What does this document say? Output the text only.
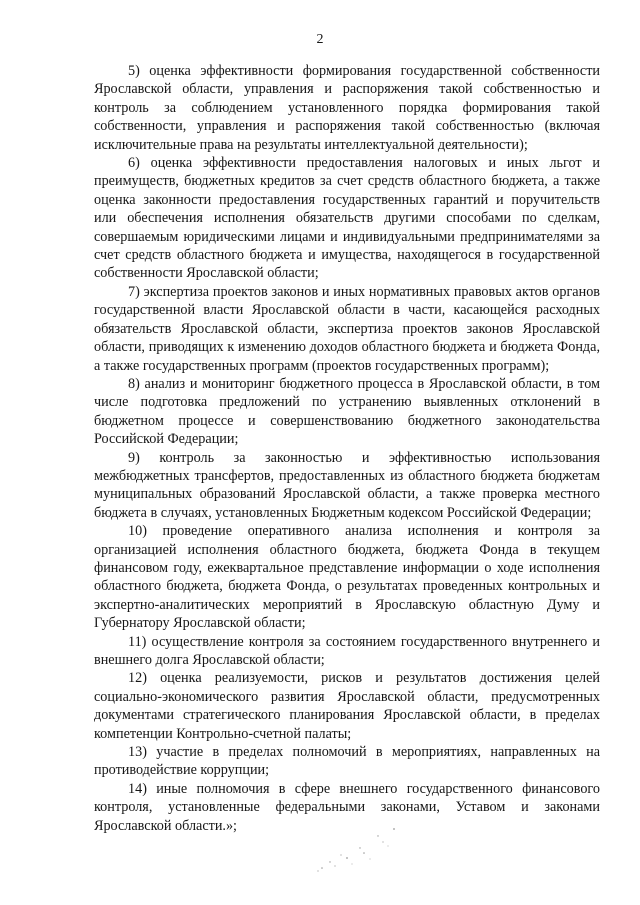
2

5) оценка эффективности формирования государственной собственности Ярославской области, управления и распоряжения такой собственностью и контроль за соблюдением установленного порядка формирования такой собственности, управления и распоряжения такой собственностью (включая исключительные права на результаты интеллектуальной деятельности);

6) оценка эффективности предоставления налоговых и иных льгот и преимуществ, бюджетных кредитов за счет средств областного бюджета, а также оценка законности предоставления государственных гарантий и поручительств или обеспечения исполнения обязательств другими способами по сделкам, совершаемым юридическими лицами и индивидуальными предпринимателями за счет средств областного бюджета и имущества, находящегося в государственной собственности Ярославской области;

7) экспертиза проектов законов и иных нормативных правовых актов органов государственной власти Ярославской области в части, касающейся расходных обязательств Ярославской области, экспертиза проектов законов Ярославской области, приводящих к изменению доходов областного бюджета и бюджета Фонда, а также государственных программ (проектов государственных программ);

8) анализ и мониторинг бюджетного процесса в Ярославской области, в том числе подготовка предложений по устранению выявленных отклонений в бюджетном процессе и совершенствованию бюджетного законодательства Российской Федерации;

9) контроль за законностью и эффективностью использования межбюджетных трансфертов, предоставленных из областного бюджета бюджетам муниципальных образований Ярославской области, а также проверка местного бюджета в случаях, установленных Бюджетным кодексом Российской Федерации;

10) проведение оперативного анализа исполнения и контроля за организацией исполнения областного бюджета, бюджета Фонда в текущем финансовом году, ежеквартальное представление информации о ходе исполнения областного бюджета, бюджета Фонда, о результатах проведенных контрольных и экспертно-аналитических мероприятий в Ярославскую областную Думу и Губернатору Ярославской области;

11) осуществление контроля за состоянием государственного внутреннего и внешнего долга Ярославской области;

12) оценка реализуемости, рисков и результатов достижения целей социально-экономического развития Ярославской области, предусмотренных документами стратегического планирования Ярославской области, в пределах компетенции Контрольно-счетной палаты;

13) участие в пределах полномочий в мероприятиях, направленных на противодействие коррупции;

14) иные полномочия в сфере внешнего государственного финансового контроля, установленные федеральными законами, Уставом и законами Ярославской области.»;
